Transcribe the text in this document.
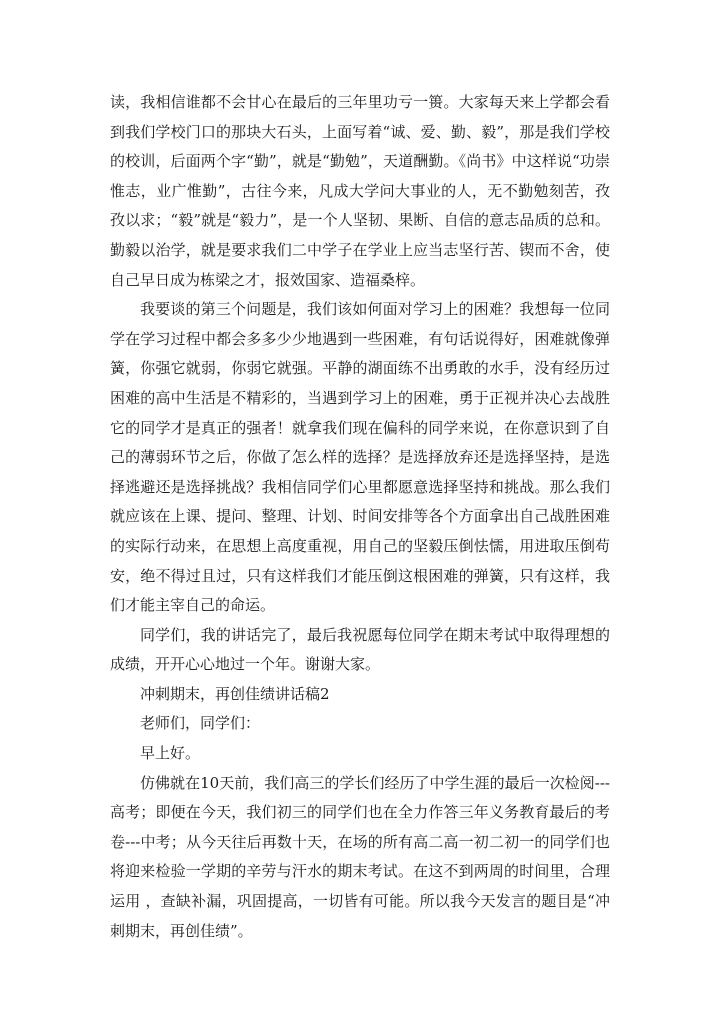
读，我相信谁都不会甘心在最后的三年里功亏一篑。大家每天来上学都会看到我们学校门口的那块大石头，上面写着“诚、爱、勤、毅”，那是我们学校的校训，后面两个字“勤”，就是“勤勉”，天道酬勤。《尚书》中这样说“功崇惟志，业广惟勤”，古往今来，凡成大学问大事业的人，无不勤勉刻苦，孜孜以求；“毅”就是“毅力”，是一个人坚韧、果断、自信的意志品质的总和。勤毅以治学，就是要求我们二中学子在学业上应当志坚行苦、锲而不舍，使自己早日成为栋梁之才，报效国家、造福桑梓。

我要谈的第三个问题是，我们该如何面对学习上的困难？我想每一位同学在学习过程中都会多多少少地遇到一些困难，有句话说得好，困难就像弹簧，你强它就弱，你弱它就强。平静的湖面练不出勇敢的水手，没有经历过困难的高中生活是不精彩的，当遇到学习上的困难，勇于正视并决心去战胜它的同学才是真正的强者！就拿我们现在偏科的同学来说，在你意识到了自己的薄弱环节之后，你做了怎么样的选择？是选择放弃还是选择坚持，是选择逃避还是选择挑战？我相信同学们心里都愿意选择坚持和挑战。那么我们就应该在上课、提问、整理、计划、时间安排等各个方面拿出自己战胜困难的实际行动来，在思想上高度重视，用自己的坚毅压倒怯懦，用进取压倒苟安，绝不得过且过，只有这样我们才能压倒这根困难的弹簧，只有这样，我们才能主宰自己的命运。

同学们，我的讲话完了，最后我祝愿每位同学在期末考试中取得理想的成绩，开开心心地过一个年。谢谢大家。

冲刺期末，再创佳绩讲话稿2

老师们，同学们：

早上好。

仿佛就在10天前，我们高三的学长们经历了中学生涯的最后一次检阅---高考；即便在今天，我们初三的同学们也在全力作答三年义务教育最后的考卷---中考；从今天往后再数十天，在场的所有高二高一初二初一的同学们也将迎来检验一学期的辛劳与汗水的期末考试。在这不到两周的时间里，合理运用 ，查缺补漏，巩固提高，一切皆有可能。所以我今天发言的题目是“冲刺期末，再创佳绩”。
